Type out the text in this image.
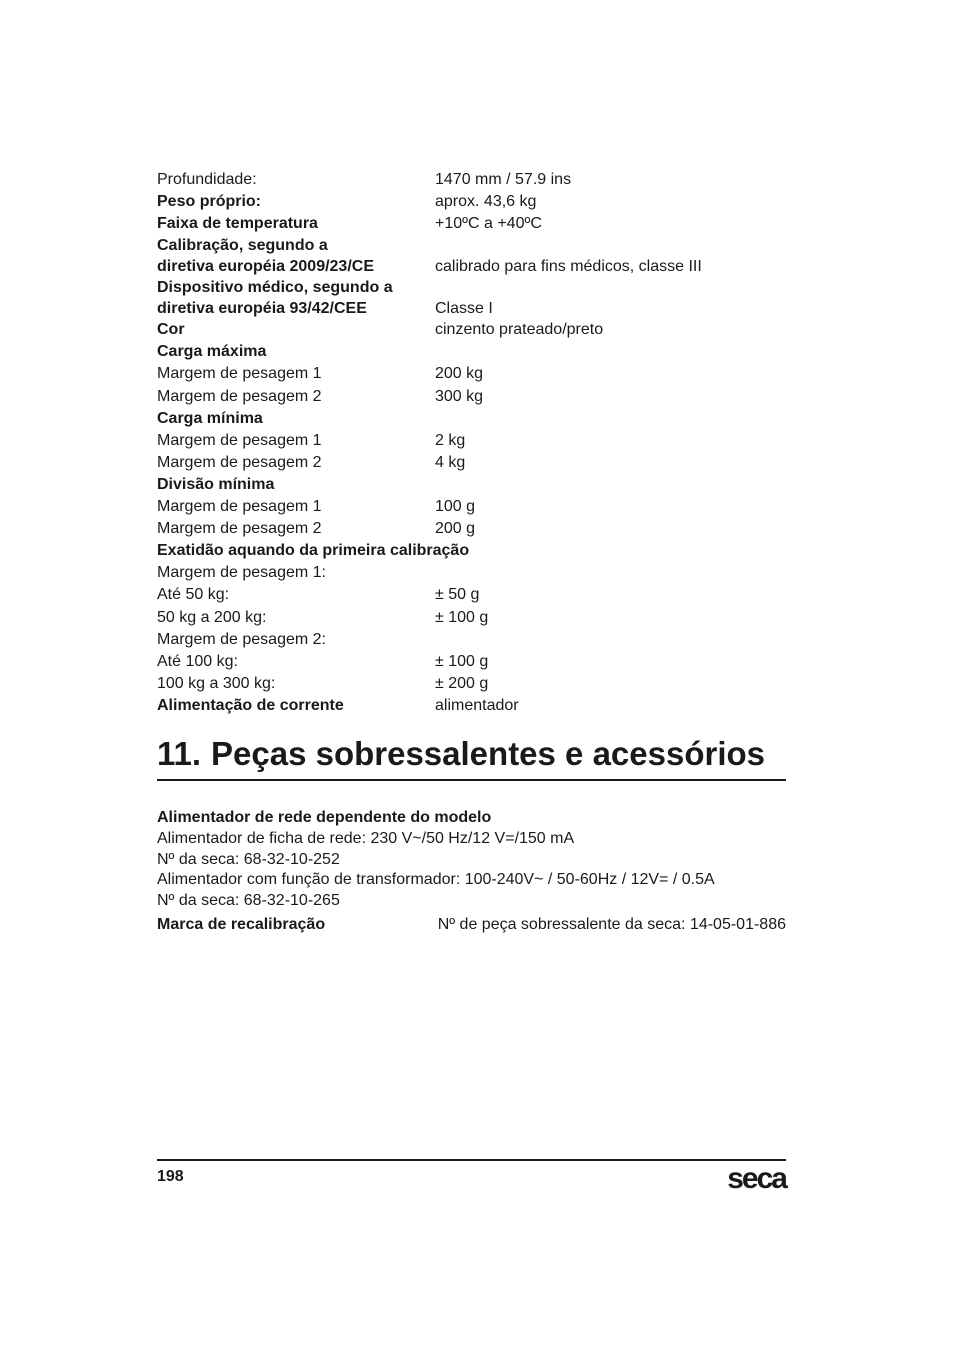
Profundidade:	1470 mm / 57.9 ins
Peso próprio:	aprox. 43,6 kg
Faixa de temperatura	+10ºC a +40ºC
Calibração, segundo a
diretiva européia 2009/23/CE	calibrado para fins médicos, classe III
Dispositivo médico, segundo a
diretiva européia 93/42/CEE	Classe I
Cor	cinzento prateado/preto
Carga máxima
Margem de pesagem 1	200 kg
Margem de pesagem 2	300 kg
Carga mínima
Margem de pesagem 1	2 kg
Margem de pesagem 2	4 kg
Divisão mínima
Margem de pesagem 1	100 g
Margem de pesagem 2	200 g
Exatidão aquando da primeira calibração
Margem de pesagem 1:
Até 50 kg:	± 50 g
50 kg a 200 kg:	± 100 g
Margem de pesagem 2:
Até 100 kg:	± 100 g
100 kg a 300 kg:	± 200 g
Alimentação de corrente	alimentador
11. Peças sobressalentes e acessórios
Alimentador de rede dependente do modelo
Alimentador de ficha de rede: 230 V~/50 Hz/12 V=/150 mA
Nº da seca: 68-32-10-252
Alimentador com função de transformador: 100-240V~ / 50-60Hz / 12V= / 0.5A
Nº da seca: 68-32-10-265
Marca de recalibração	Nº de peça sobressalente da seca: 14-05-01-886
198	seca
